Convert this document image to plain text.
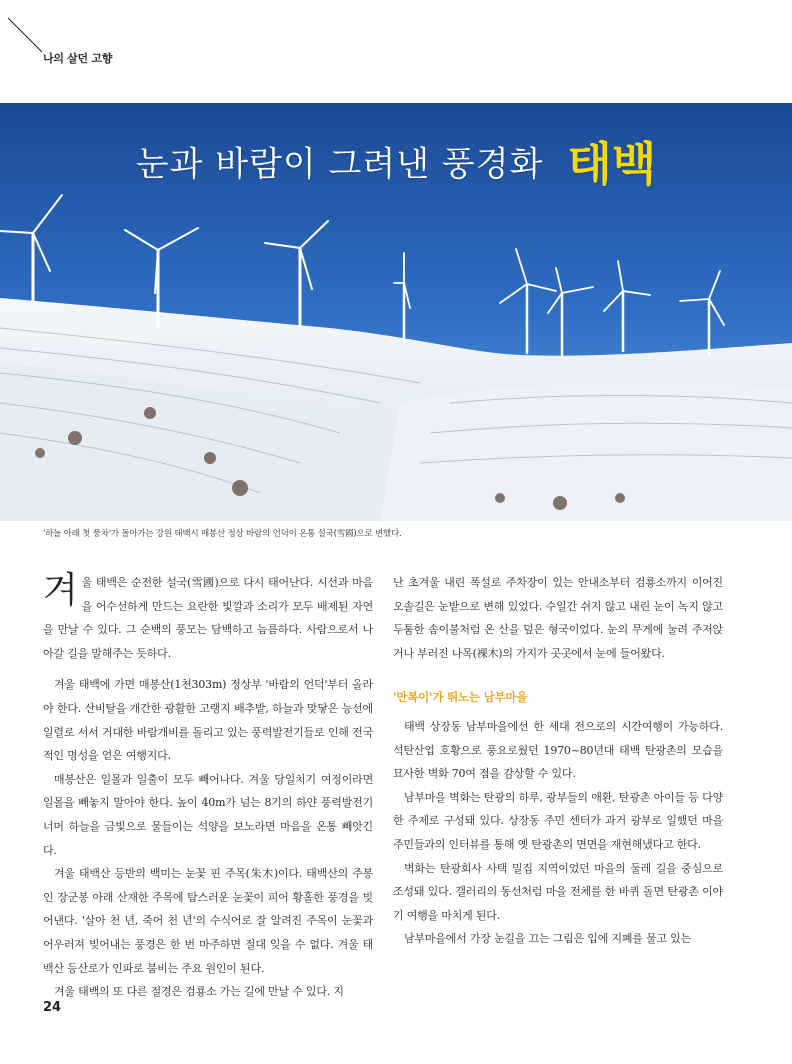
나의 살던 고향
눈과 바람이 그려낸 풍경화 태백
'하늘 아래 첫 풍차'가 돌아가는 강원 태백시 매봉산 정상 바람의 언덕이 온통 설국(雪國)으로 변했다.

겨울 태백은 순전한 설국(雪國)으로 다시 태어난다. 시선과 마음을 어수선하게 만드는 요란한 빛깔과 소리가 모두 배제된 자연을 만날 수 있다. 그 순백의 풍모는 담백하고 늠름하다. 사람으로서 나아갈 길을 말해주는 듯하다.

겨울 태백에 가면 매봉산(1천303m) 정상부 '바람의 언덕'부터 올라야 한다. 산비탈을 개간한 광활한 고랭지 배추밭, 하늘과 맞닿은 능선에 일렬로 서서 거대한 바람개비를 돌리고 있는 풍력발전기들로 인해 전국적인 명성을 얻은 여행지다.

매봉산은 일몰과 일출이 모두 빼어나다. 겨울 당일치기 여정이라면 일몰을 빼놓지 말아야 한다. 높이 40m가 넘는 8기의 하얀 풍력발전기 너머 하늘을 금빛으로 물들이는 석양을 보노라면 마음을 온통 빼앗긴다.

겨울 태백산 등반의 백미는 눈꽃 핀 주목(朱木)이다. 태백산의 주봉인 장군봉 아래 산재한 주목에 탐스러운 눈꽃이 피어 황홀한 풍경을 빚어낸다. '살아 천 년, 죽어 천 년'의 수식어로 잘 알려진 주목이 눈꽃과 어우러져 빚어내는 풍경은 한 번 마주하면 절대 잊을 수 없다. 겨울 태백산 등산로가 인파로 붐비는 주요 원인이 된다.

겨울 태백의 또 다른 절경은 검룡소 가는 길에 만날 수 있다. 지

난 초겨울 내린 폭설로 주차장이 있는 안내소부터 검룡소까지 이어진 오솔길은 눈밭으로 변해 있었다. 수일간 쉬지 않고 내린 눈이 녹지 않고 두툼한 솜이불처럼 온 산을 덮은 형국이었다. 눈의 무게에 눌려 주저앉거나 부러진 나목(裸木)의 가지가 곳곳에서 눈에 들어왔다.

'만복이'가 뛰노는 남부마을

태백 상장동 남부마을에선 한 세대 전으로의 시간여행이 가능하다. 석탄산업 호황으로 풍요로웠던 1970~80년대 태백 탄광촌의 모습을 묘사한 벽화 70여 점을 감상할 수 있다.

남부마을 벽화는 탄광의 하루, 광부들의 애환, 탄광촌 아이들 등 다양한 주제로 구성돼 있다. 상장동 주민 센터가 과거 광부로 일했던 마을 주민들과의 인터뷰를 통해 옛 탄광촌의 면면을 재현해냈다고 한다.

벽화는 탄광회사 사택 밀집 지역이었던 마을의 둘레 길을 중심으로 조성돼 있다. 갤러리의 동선처럼 마을 전체를 한 바퀴 돌면 탄광촌 이야기 여행을 마치게 된다.

남부마을에서 가장 눈길을 끄는 그림은 입에 지폐를 물고 있는

24
